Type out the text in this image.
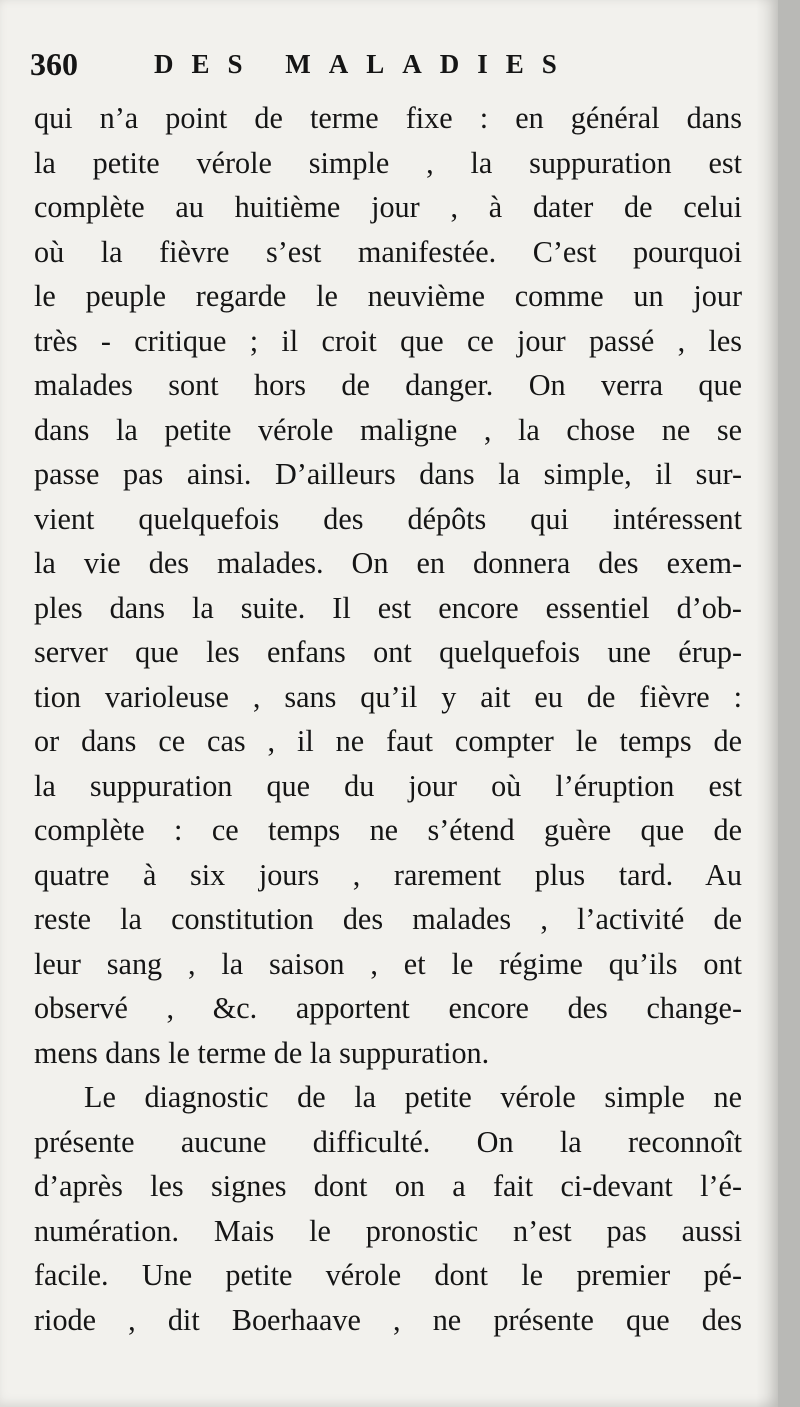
360	DES MALADIES
qui n’a point de terme fixe : en général dans
la petite vérole simple , la suppuration est
complète au huitième jour , à dater de celui
où la fièvre s’est manifestée. C’est pourquoi
le peuple regarde le neuvième comme un jour
très - critique ; il croit que ce jour passé , les
malades sont hors de danger. On verra que
dans la petite vérole maligne , la chose ne se
passe pas ainsi. D’ailleurs dans la simple, il sur-
vient quelquefois des dépôts qui intéressent
la vie des malades. On en donnera des exem-
ples dans la suite. Il est encore essentiel d’ob-
server que les enfans ont quelquefois une érup-
tion varioleuse , sans qu’il y ait eu de fièvre :
or dans ce cas , il ne faut compter le temps de
la suppuration que du jour où l’éruption est
complète : ce temps ne s’étend guère que de
quatre à six jours , rarement plus tard. Au
reste la constitution des malades , l’activité de
leur sang , la saison , et le régime qu’ils ont
observé , &c. apportent encore des change-
mens dans le terme de la suppuration.
Le diagnostic de la petite vérole simple ne
présente aucune difficulté. On la reconnoît
d’après les signes dont on a fait ci-devant l’é-
numération. Mais le pronostic n’est pas aussi
facile. Une petite vérole dont le premier pé-
riode , dit Boerhaave , ne présente que des
